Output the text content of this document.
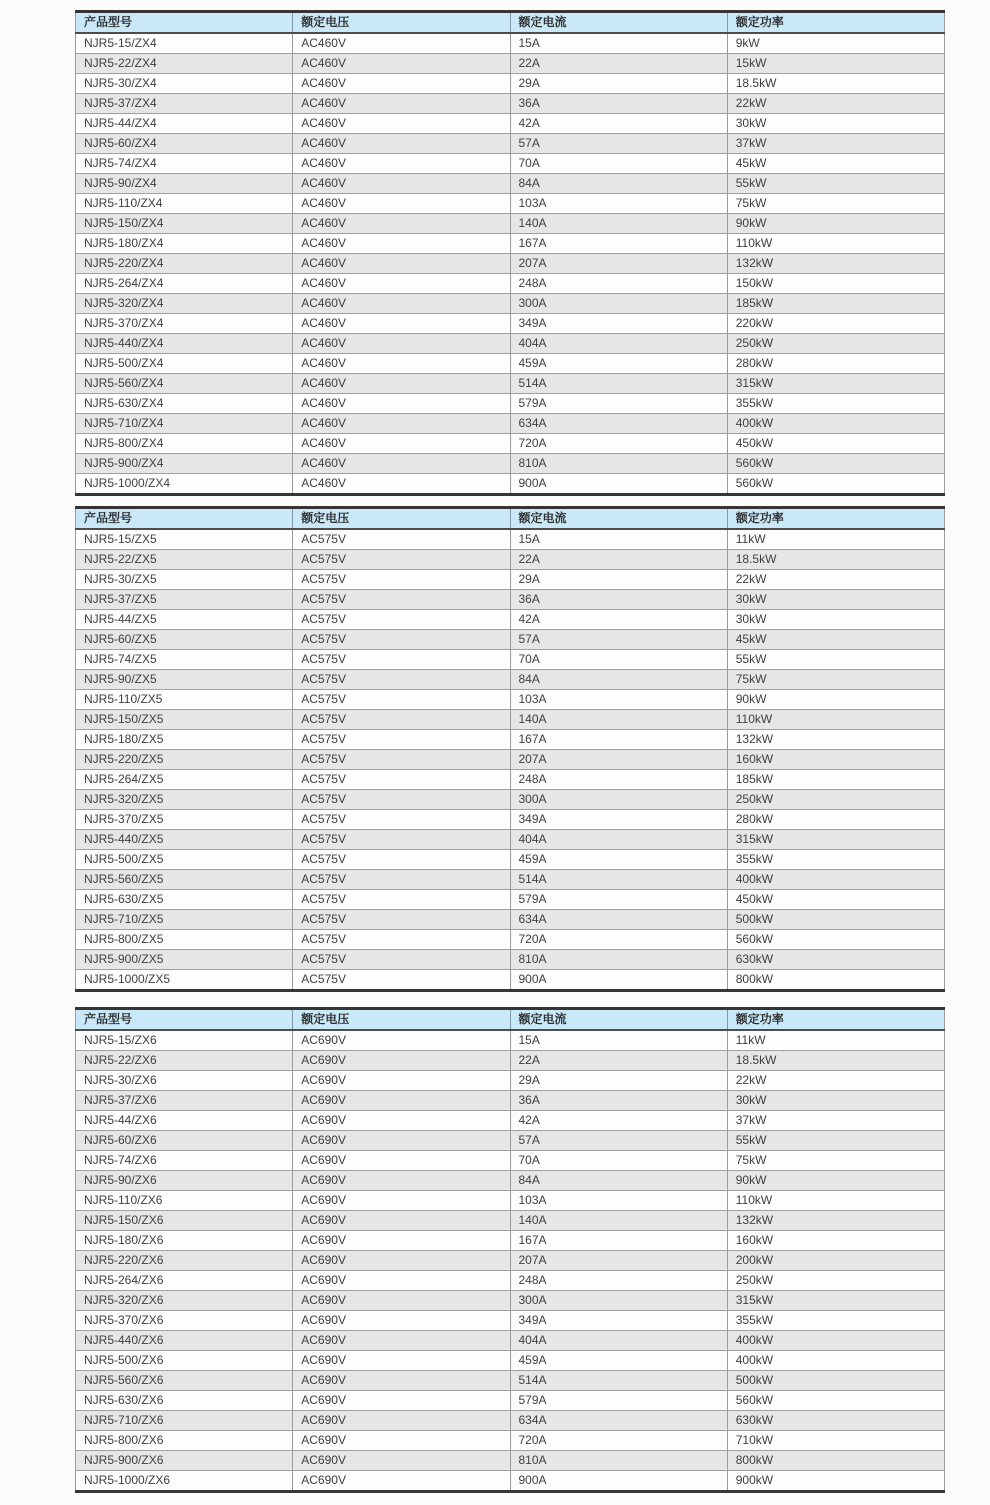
产品型号	额定电压	额定电流	额定功率
NJR5-15/ZX4	AC460V	15A	9kW
NJR5-22/ZX4	AC460V	22A	15kW
NJR5-30/ZX4	AC460V	29A	18.5kW
NJR5-37/ZX4	AC460V	36A	22kW
NJR5-44/ZX4	AC460V	42A	30kW
NJR5-60/ZX4	AC460V	57A	37kW
NJR5-74/ZX4	AC460V	70A	45kW
NJR5-90/ZX4	AC460V	84A	55kW
NJR5-110/ZX4	AC460V	103A	75kW
NJR5-150/ZX4	AC460V	140A	90kW
NJR5-180/ZX4	AC460V	167A	110kW
NJR5-220/ZX4	AC460V	207A	132kW
NJR5-264/ZX4	AC460V	248A	150kW
NJR5-320/ZX4	AC460V	300A	185kW
NJR5-370/ZX4	AC460V	349A	220kW
NJR5-440/ZX4	AC460V	404A	250kW
NJR5-500/ZX4	AC460V	459A	280kW
NJR5-560/ZX4	AC460V	514A	315kW
NJR5-630/ZX4	AC460V	579A	355kW
NJR5-710/ZX4	AC460V	634A	400kW
NJR5-800/ZX4	AC460V	720A	450kW
NJR5-900/ZX4	AC460V	810A	560kW
NJR5-1000/ZX4	AC460V	900A	560kW
产品型号	额定电压	额定电流	额定功率
NJR5-15/ZX5	AC575V	15A	11kW
NJR5-22/ZX5	AC575V	22A	18.5kW
NJR5-30/ZX5	AC575V	29A	22kW
NJR5-37/ZX5	AC575V	36A	30kW
NJR5-44/ZX5	AC575V	42A	30kW
NJR5-60/ZX5	AC575V	57A	45kW
NJR5-74/ZX5	AC575V	70A	55kW
NJR5-90/ZX5	AC575V	84A	75kW
NJR5-110/ZX5	AC575V	103A	90kW
NJR5-150/ZX5	AC575V	140A	110kW
NJR5-180/ZX5	AC575V	167A	132kW
NJR5-220/ZX5	AC575V	207A	160kW
NJR5-264/ZX5	AC575V	248A	185kW
NJR5-320/ZX5	AC575V	300A	250kW
NJR5-370/ZX5	AC575V	349A	280kW
NJR5-440/ZX5	AC575V	404A	315kW
NJR5-500/ZX5	AC575V	459A	355kW
NJR5-560/ZX5	AC575V	514A	400kW
NJR5-630/ZX5	AC575V	579A	450kW
NJR5-710/ZX5	AC575V	634A	500kW
NJR5-800/ZX5	AC575V	720A	560kW
NJR5-900/ZX5	AC575V	810A	630kW
NJR5-1000/ZX5	AC575V	900A	800kW
产品型号	额定电压	额定电流	额定功率
NJR5-15/ZX6	AC690V	15A	11kW
NJR5-22/ZX6	AC690V	22A	18.5kW
NJR5-30/ZX6	AC690V	29A	22kW
NJR5-37/ZX6	AC690V	36A	30kW
NJR5-44/ZX6	AC690V	42A	37kW
NJR5-60/ZX6	AC690V	57A	55kW
NJR5-74/ZX6	AC690V	70A	75kW
NJR5-90/ZX6	AC690V	84A	90kW
NJR5-110/ZX6	AC690V	103A	110kW
NJR5-150/ZX6	AC690V	140A	132kW
NJR5-180/ZX6	AC690V	167A	160kW
NJR5-220/ZX6	AC690V	207A	200kW
NJR5-264/ZX6	AC690V	248A	250kW
NJR5-320/ZX6	AC690V	300A	315kW
NJR5-370/ZX6	AC690V	349A	355kW
NJR5-440/ZX6	AC690V	404A	400kW
NJR5-500/ZX6	AC690V	459A	400kW
NJR5-560/ZX6	AC690V	514A	500kW
NJR5-630/ZX6	AC690V	579A	560kW
NJR5-710/ZX6	AC690V	634A	630kW
NJR5-800/ZX6	AC690V	720A	710kW
NJR5-900/ZX6	AC690V	810A	800kW
NJR5-1000/ZX6	AC690V	900A	900kW
